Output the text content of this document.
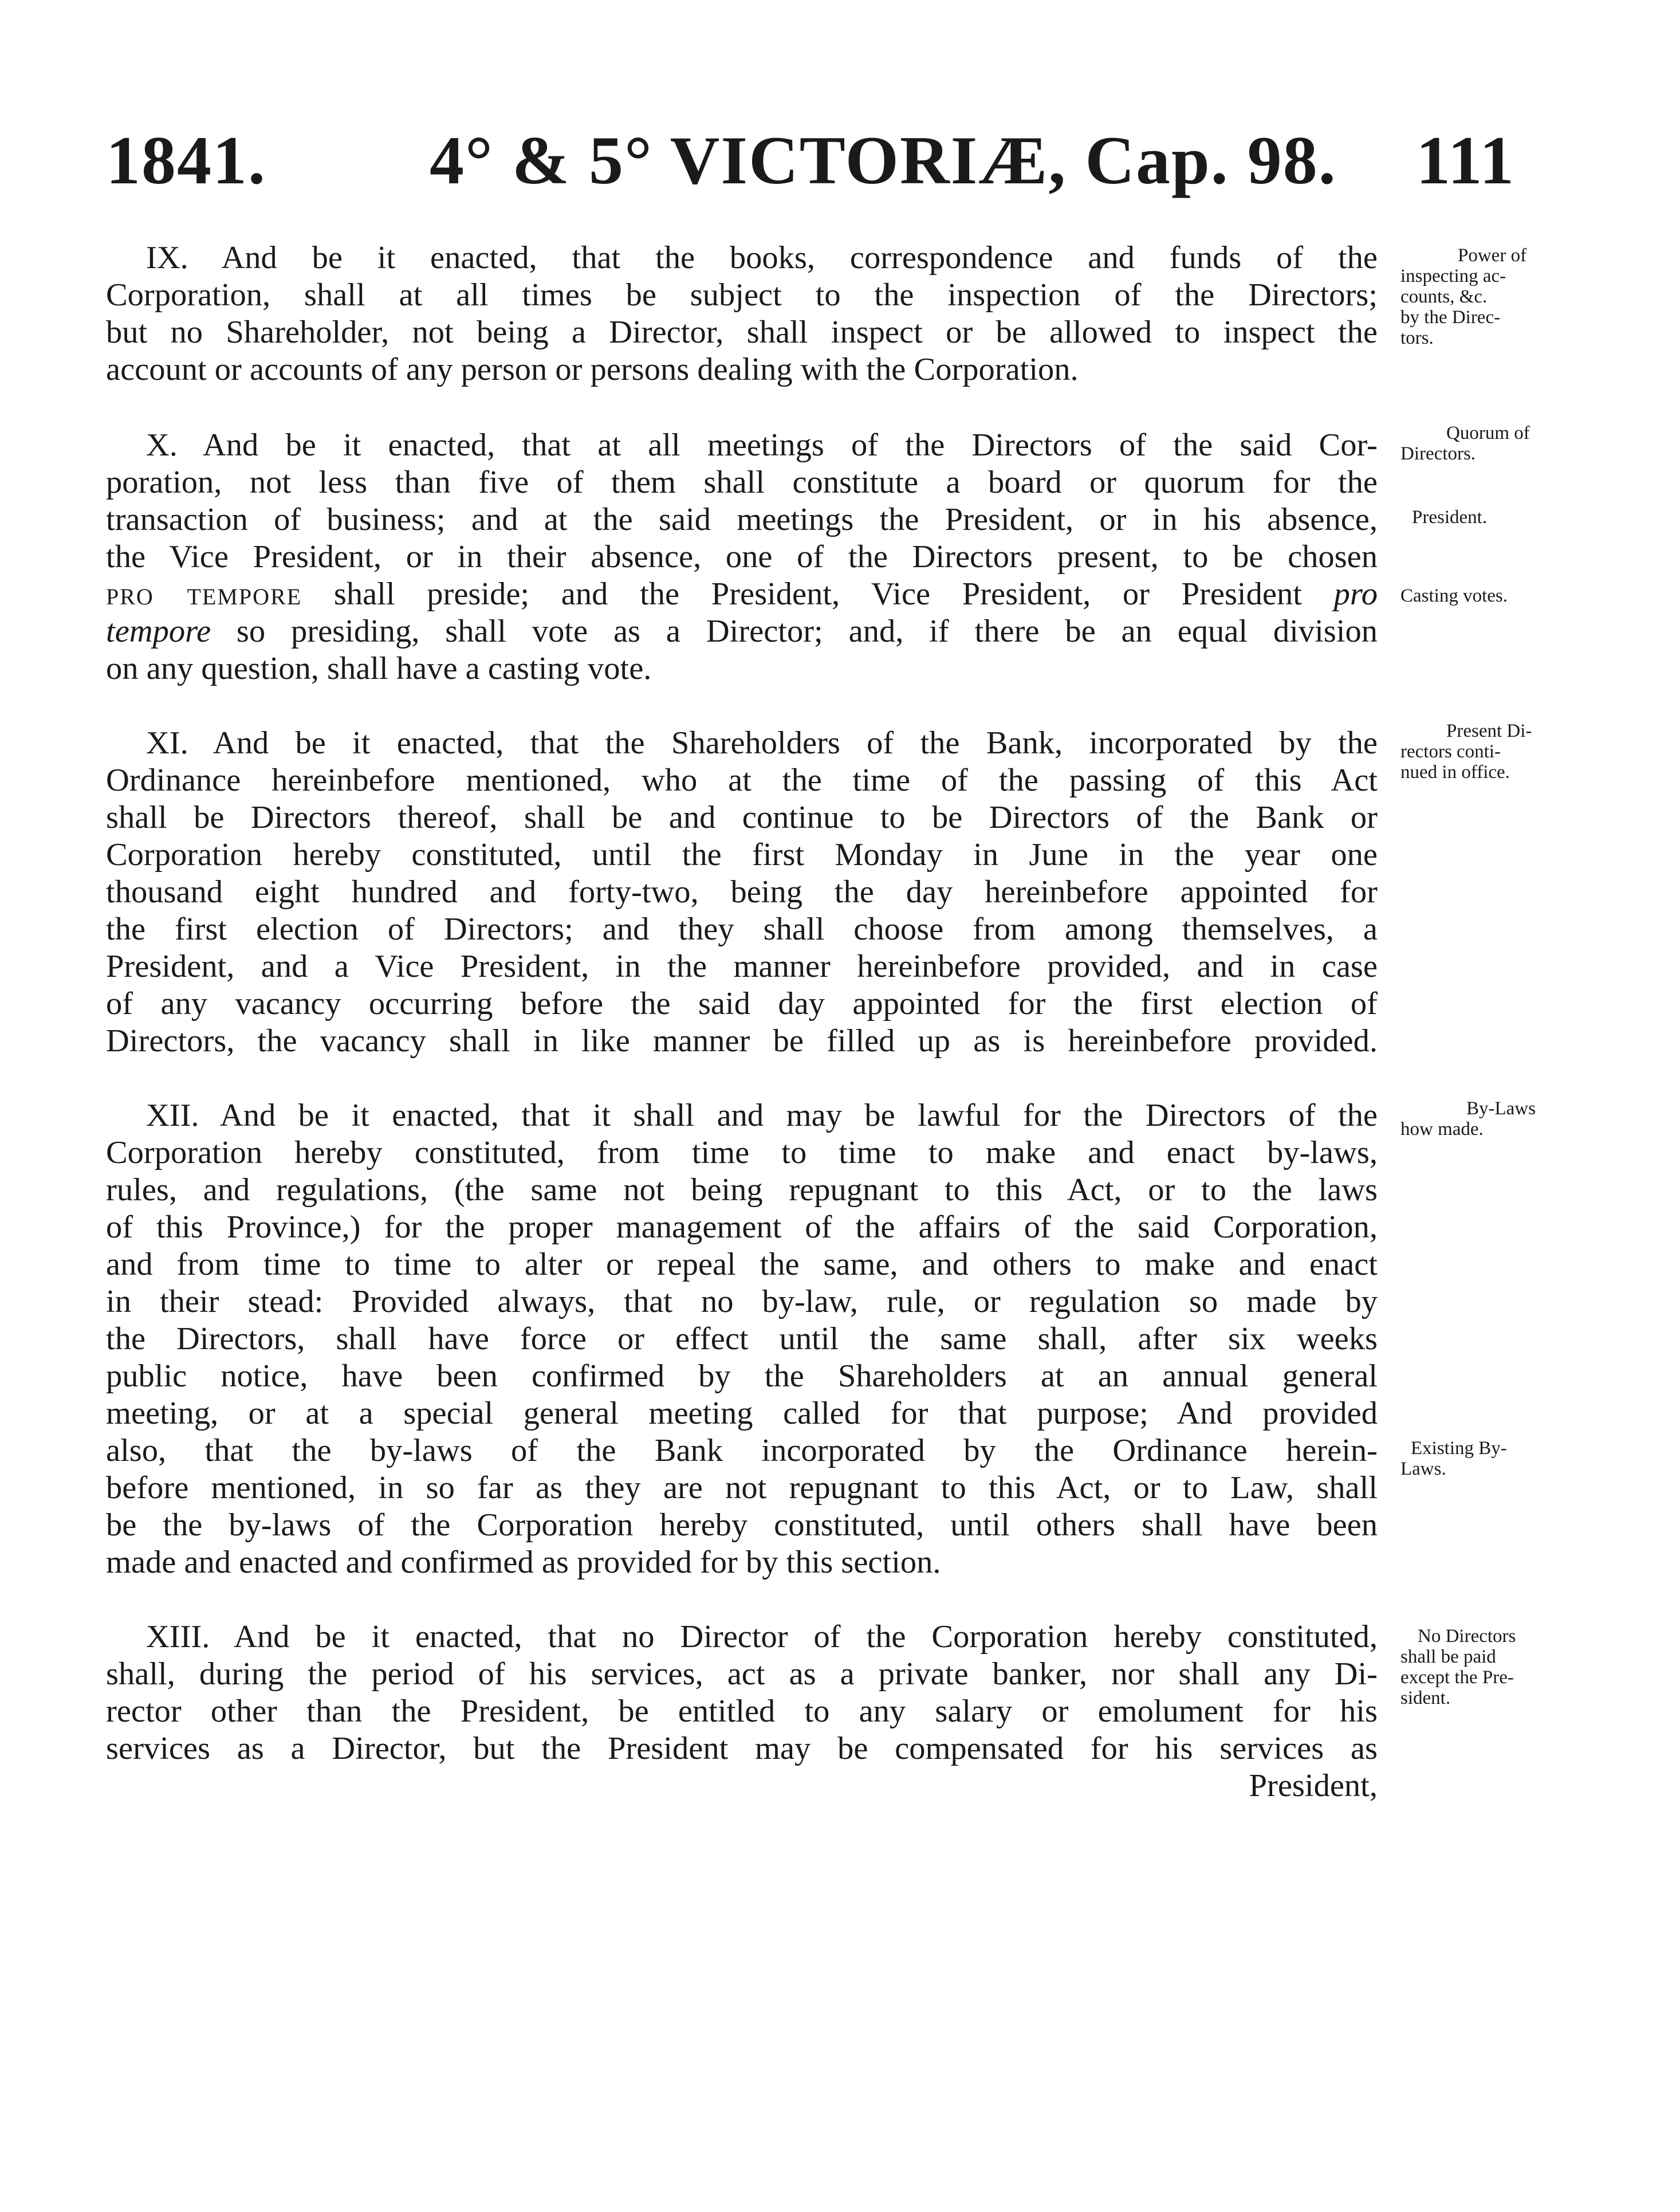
1841. 4° & 5° VICTORIÆ, Cap. 98. 111
IX. And be it enacted, that the books, correspondence and funds of the
Corporation, shall at all times be subject to the inspection of the Directors;
but no Shareholder, not being a Director, shall inspect or be allowed to inspect the
account or accounts of any person or persons dealing with the Corporation.
X. And be it enacted, that at all meetings of the Directors of the said Cor-
poration, not less than five of them shall constitute a board or quorum for the
transaction of business; and at the said meetings the President, or in his absence,
the Vice President, or in their absence, one of the Directors present, to be chosen
pro tempore shall preside; and the President, Vice President, or President pro
tempore so presiding, shall vote as a Director; and, if there be an equal division
on any question, shall have a casting vote.
XI. And be it enacted, that the Shareholders of the Bank, incorporated by the
Ordinance hereinbefore mentioned, who at the time of the passing of this Act
shall be Directors thereof, shall be and continue to be Directors of the Bank or
Corporation hereby constituted, until the first Monday in June in the year one
thousand eight hundred and forty-two, being the day hereinbefore appointed for
the first election of Directors; and they shall choose from among themselves, a
President, and a Vice President, in the manner hereinbefore provided, and in case
of any vacancy occurring before the said day appointed for the first election of
Directors, the vacancy shall in like manner be filled up as is hereinbefore provided.
XII. And be it enacted, that it shall and may be lawful for the Directors of the
Corporation hereby constituted, from time to time to make and enact by-laws,
rules, and regulations, (the same not being repugnant to this Act, or to the laws
of this Province,) for the proper management of the affairs of the said Corporation,
and from time to time to alter or repeal the same, and others to make and enact
in their stead: Provided always, that no by-law, rule, or regulation so made by
the Directors, shall have force or effect until the same shall, after six weeks
public notice, have been confirmed by the Shareholders at an annual general
meeting, or at a special general meeting called for that purpose; And provided
also, that the by-laws of the Bank incorporated by the Ordinance herein-
before mentioned, in so far as they are not repugnant to this Act, or to Law, shall
be the by-laws of the Corporation hereby constituted, until others shall have been
made and enacted and confirmed as provided for by this section.
XIII. And be it enacted, that no Director of the Corporation hereby constituted,
shall, during the period of his services, act as a private banker, nor shall any Di-
rector other than the President, be entitled to any salary or emolument for his
services as a Director, but the President may be compensated for his services as
President,
Power of
inspecting ac-
counts, &c.
by the Direc-
tors.
Quorum of
Directors.
President.
Casting votes.
Present Di-
rectors conti-
nued in office.
By-Laws
how made.
Existing By-
Laws.
No Directors
shall be paid
except the Pre-
sident.
